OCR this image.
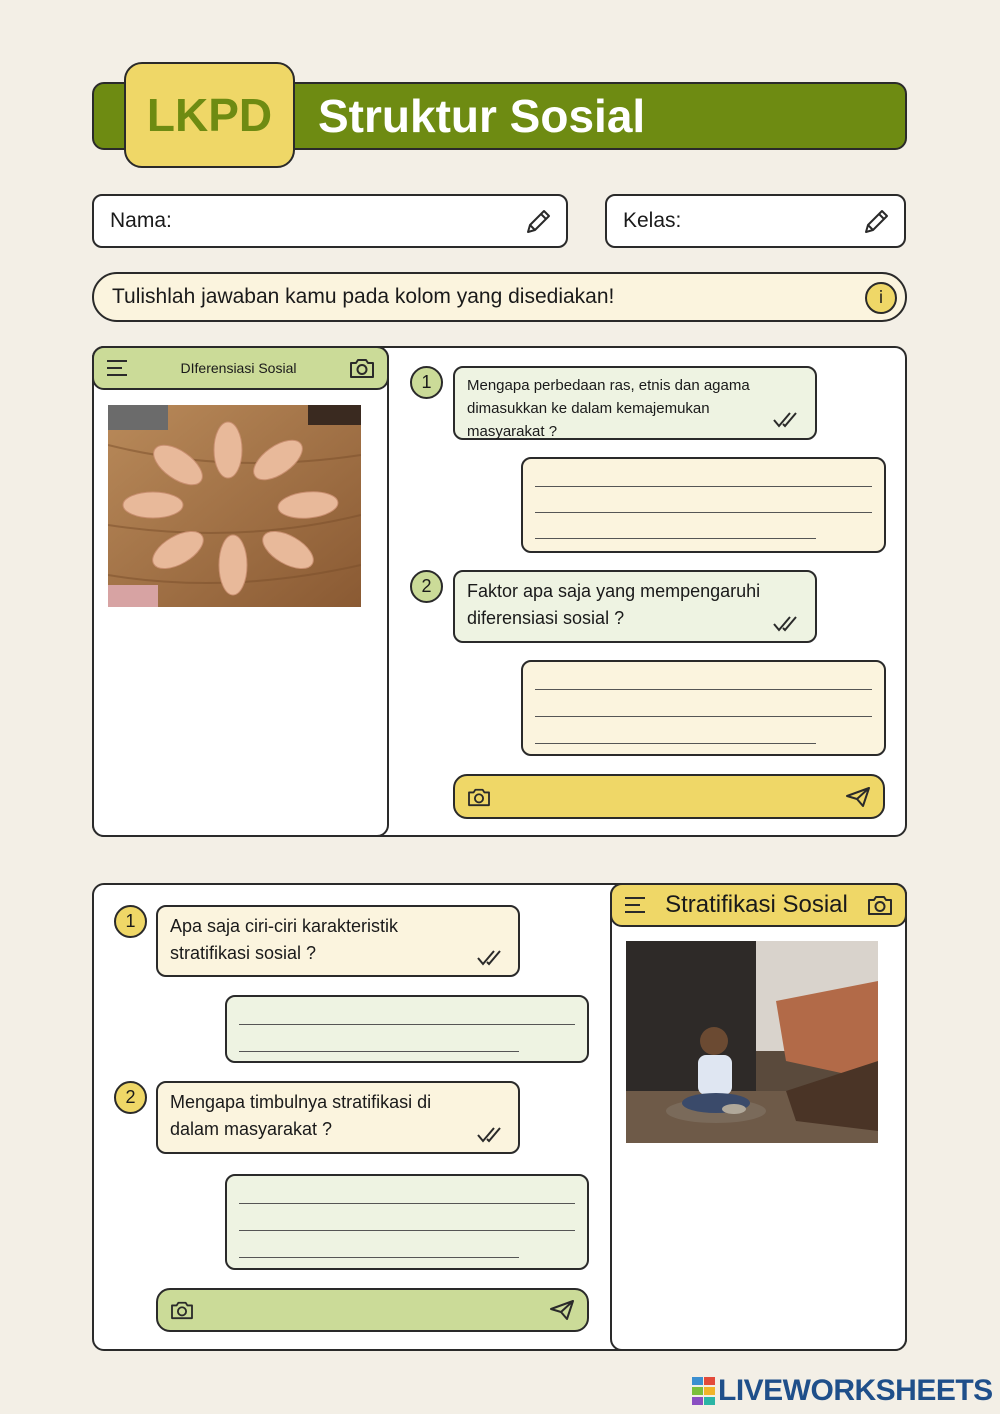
LKPD Struktur Sosial
Nama:	Kelas:
Tulishlah jawaban kamu pada kolom yang disediakan!	i
DIferensiasi Sosial
1	Mengapa perbedaan ras, etnis dan agama dimasukkan ke dalam kemajemukan masyarakat ?
2	Faktor apa saja yang mempengaruhi diferensiasi sosial ?
Stratifikasi Sosial
1	Apa saja ciri-ciri karakteristik stratifikasi sosial ?
2	Mengapa timbulnya stratifikasi di dalam masyarakat ?
LIVEWORKSHEETS
